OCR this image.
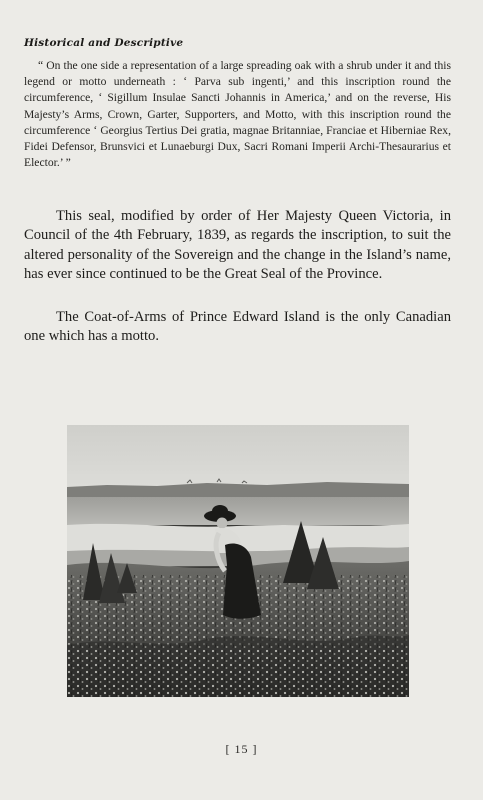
Historical and Descriptive
“ On the one side a representation of a large spreading oak with a shrub under it and this legend or motto underneath : ‘ Parva sub ingenti,’ and this inscription round the circumference, ‘ Sigillum Insulae Sancti Johannis in America,’ and on the reverse, His Majesty’s Arms, Crown, Garter, Supporters, and Motto, with this inscription round the circumference ‘ Georgius Tertius Dei gratia, magnae Britanniae, Franciae et Hiberniae Rex, Fidei Defensor, Brunsvici et Lunaeburgi Dux, Sacri Romani Imperii Archi-Thesaurarius et Elector.’ ”
This seal, modified by order of Her Majesty Queen Victoria, in Council of the 4th February, 1839, as regards the inscription, to suit the altered personality of the Sovereign and the change in the Island’s name, has ever since continued to be the Great Seal of the Province.
The Coat-of-Arms of Prince Edward Island is the only Canadian one which has a motto.
[ 15 ]
